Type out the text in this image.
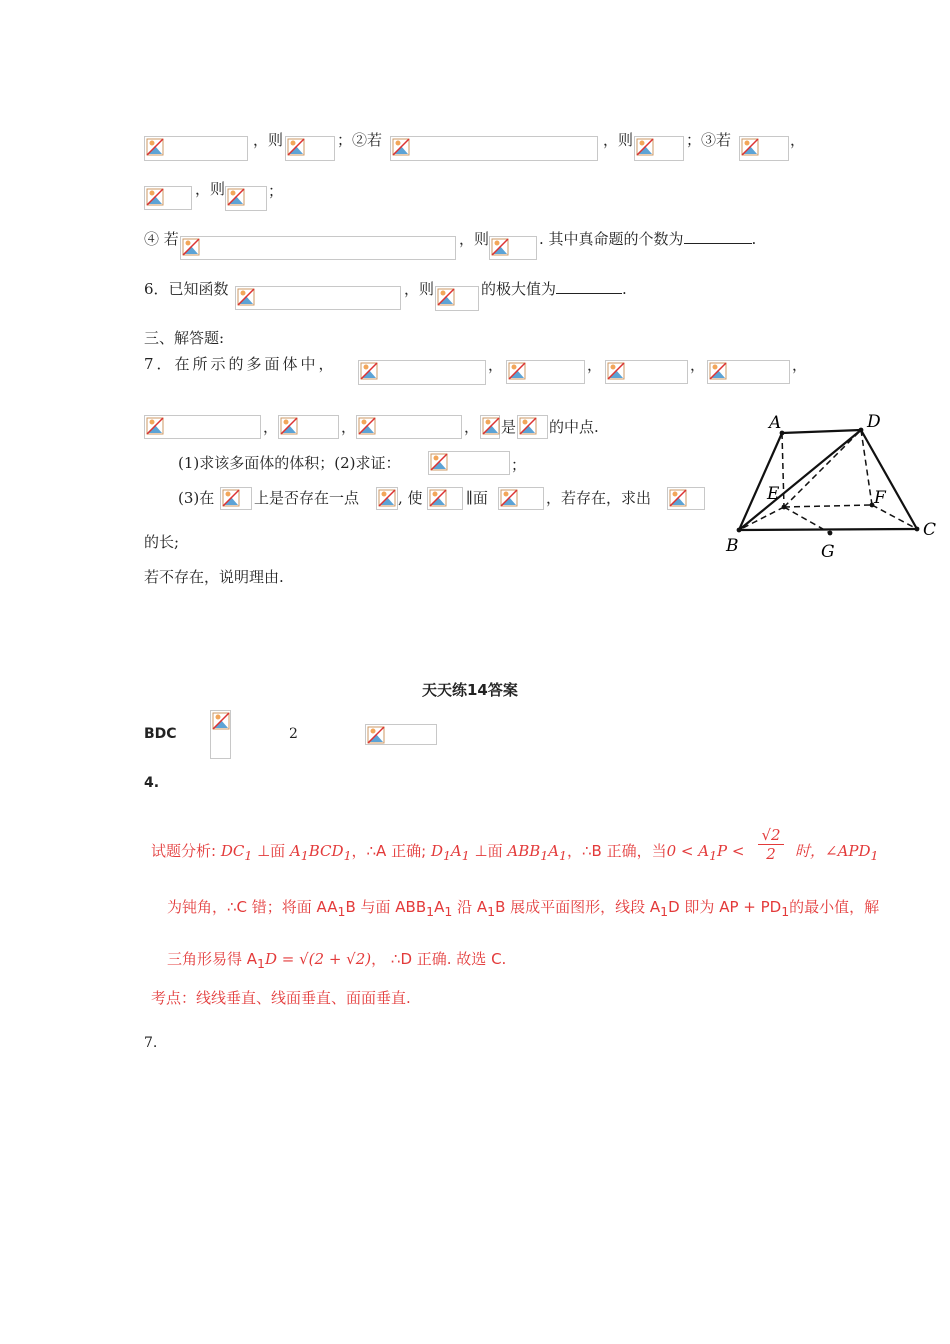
，则	；②若	，则	；③若	，
，则	；
④ 若	，则	. 其中真命题的个数为	.
6．已知函数	，则	的极大值为	.
三、解答题:
7．在所示的多面体中，	，	，	，	，
，	，	， 是 的中点.
(1)求该多面体的体积；(2)求证：	；
(3)在	上是否存在一点	, 使	∥面	，若存在，求出
的长;
若不存在，说明理由.
A	D
E	F
B	G
C
天天练14答案
BDC	2
4.
试题分析: $DC_1$ ⊥面 $A_1BCD_1$，∴A 正确; $D_1A_1$ ⊥面 $ABB_1A_1$，∴B 正确，当$0 < A_1P$ <
√2
2	时，$\angle APD_1$
为钝角，∴C 错；将面 $AA_1B$ 与面 $ABB_1A_1$ 沿 $A_1B$ 展成平面图形，线段 $A_1D$ 即为 AP + $PD_1$的最小值，解
三角形易得 $A_1D = √(2 + √2)$， ∴D 正确. 故选 C.
考点：线线垂直、线面垂直、面面垂直.
7.
